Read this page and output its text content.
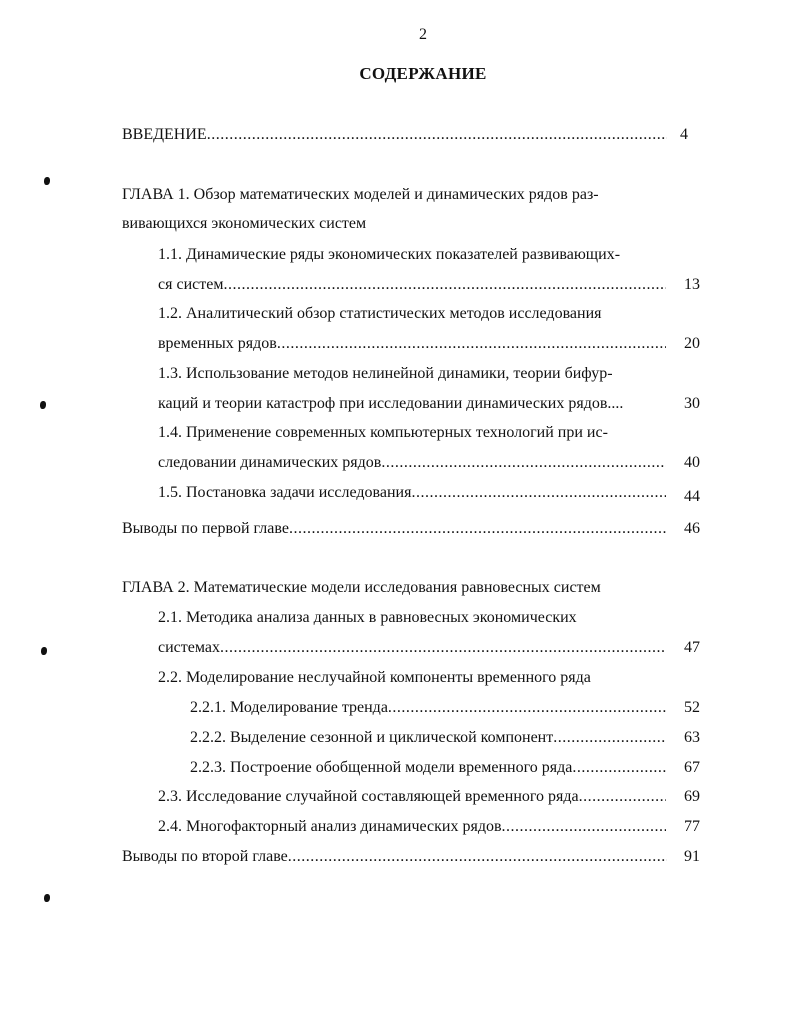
2
СОДЕРЖАНИЕ
ВВЕДЕНИЕ .....	4
ГЛАВА 1. Обзор математических моделей и динамических рядов раз-
вивающихся экономических систем
1.1. Динамические ряды экономических показателей развивающих-
ся систем .....	13
1.2. Аналитический обзор статистических методов исследования
временных рядов .....	20
1.3. Использование методов нелинейной динамики, теории бифур-
каций и теории катастроф при исследовании динамических рядов....	30
1.4. Применение современных компьютерных технологий при ис-
следовании динамических рядов .....	40
1.5. Постановка задачи исследования .....	44
Выводы по первой главе .....	46
ГЛАВА 2. Математические модели исследования равновесных систем
2.1. Методика анализа данных в равновесных экономических
системах .....	47
2.2. Моделирование неслучайной компоненты временного ряда
2.2.1. Моделирование тренда .....	52
2.2.2. Выделение сезонной и циклической компонент .....	63
2.2.3. Построение обобщенной модели временного ряда .....	67
2.3. Исследование случайной составляющей временного ряда .....	69
2.4. Многофакторный анализ динамических рядов .....	77
Выводы по второй главе .....	91
